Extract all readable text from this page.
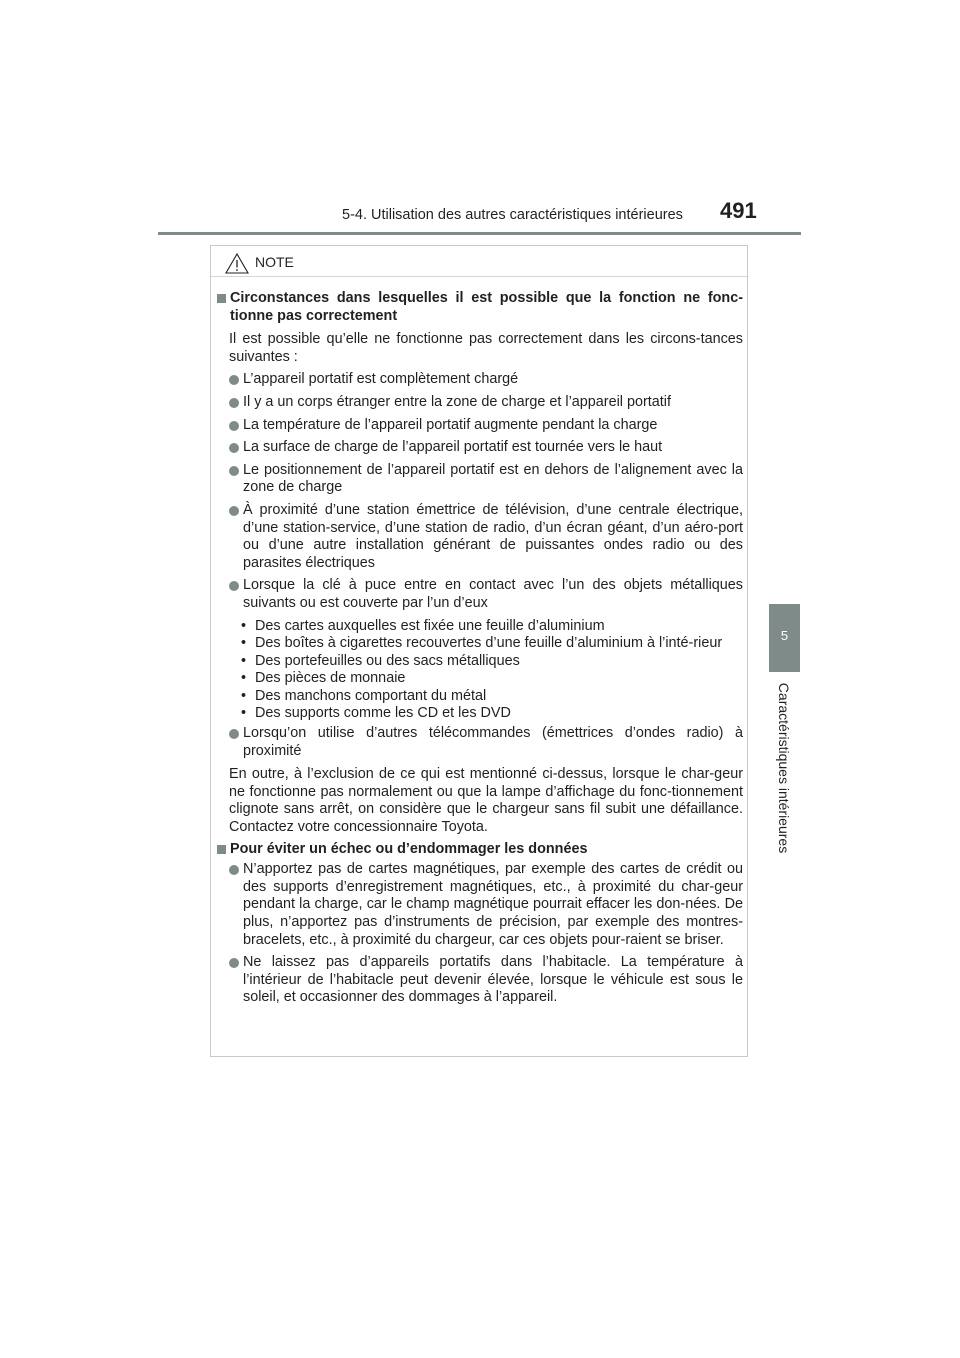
5-4. Utilisation des autres caractéristiques intérieures 491
5
Caractéristiques intérieures
NOTE
Circonstances dans lesquelles il est possible que la fonction ne fonc-tionne pas correctement
Il est possible qu’elle ne fonctionne pas correctement dans les circons-tances suivantes :
L’appareil portatif est complètement chargé
Il y a un corps étranger entre la zone de charge et l’appareil portatif
La température de l’appareil portatif augmente pendant la charge
La surface de charge de l’appareil portatif est tournée vers le haut
Le positionnement de l’appareil portatif est en dehors de l’alignement avec la zone de charge
À proximité d’une station émettrice de télévision, d’une centrale électrique, d’une station-service, d’une station de radio, d’un écran géant, d’un aéro-port ou d’une autre installation générant de puissantes ondes radio ou des parasites électriques
Lorsque la clé à puce entre en contact avec l’un des objets métalliques suivants ou est couverte par l’un d’eux
• Des cartes auxquelles est fixée une feuille d’aluminium
• Des boîtes à cigarettes recouvertes d’une feuille d’aluminium à l’inté-rieur
• Des portefeuilles ou des sacs métalliques
• Des pièces de monnaie
• Des manchons comportant du métal
• Des supports comme les CD et les DVD
Lorsqu’on utilise d’autres télécommandes (émettrices d’ondes radio) à proximité
En outre, à l’exclusion de ce qui est mentionné ci-dessus, lorsque le char-geur ne fonctionne pas normalement ou que la lampe d’affichage du fonc-tionnement clignote sans arrêt, on considère que le chargeur sans fil subit une défaillance. Contactez votre concessionnaire Toyota.
Pour éviter un échec ou d’endommager les données
N’apportez pas de cartes magnétiques, par exemple des cartes de crédit ou des supports d’enregistrement magnétiques, etc., à proximité du char-geur pendant la charge, car le champ magnétique pourrait effacer les don-nées. De plus, n’apportez pas d’instruments de précision, par exemple des montres-bracelets, etc., à proximité du chargeur, car ces objets pour-raient se briser.
Ne laissez pas d’appareils portatifs dans l’habitacle. La température à l’intérieur de l’habitacle peut devenir élevée, lorsque le véhicule est sous le soleil, et occasionner des dommages à l’appareil.
